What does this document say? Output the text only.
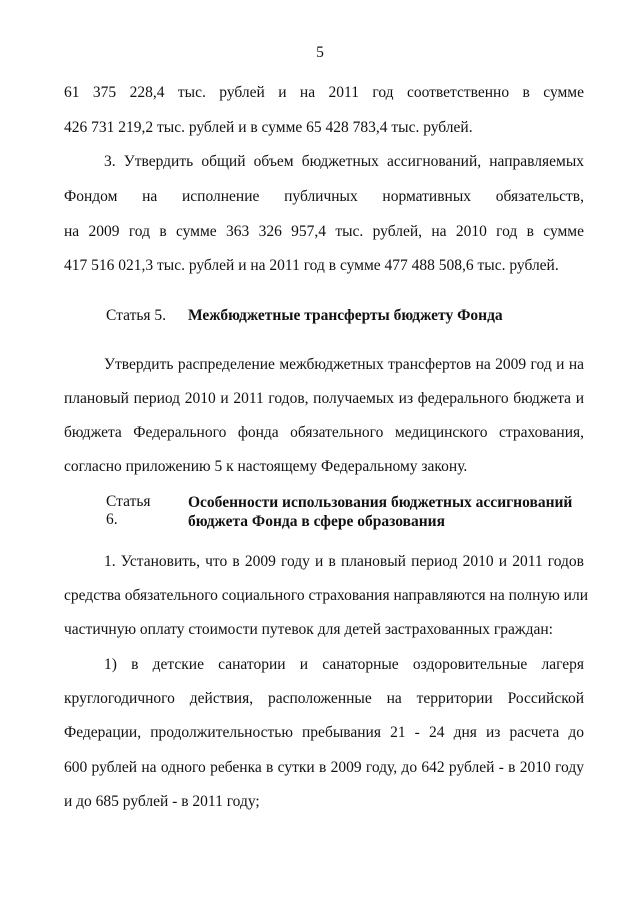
5
61 375 228,4 тыс. рублей и на 2011 год соответственно в сумме
426 731 219,2 тыс. рублей и в сумме 65 428 783,4 тыс. рублей.
3. Утвердить общий объем бюджетных ассигнований, направляемых
Фондом на исполнение публичных нормативных обязательств,
на 2009 год в сумме 363 326 957,4 тыс. рублей, на 2010 год в сумме
417 516 021,3 тыс. рублей и на 2011 год в сумме 477 488 508,6 тыс. рублей.
Статья 5. Межбюджетные трансферты бюджету Фонда
Утвердить распределение межбюджетных трансфертов на 2009 год и на
плановый период 2010 и 2011 годов, получаемых из федерального бюджета и
бюджета Федерального фонда обязательного медицинского страхования,
согласно приложению 5 к настоящему Федеральному закону.
Статья 6.
Особенности использования бюджетных ассигнований
бюджета Фонда в сфере образования
1. Установить, что в 2009 году и в плановый период 2010 и 2011 годов
средства обязательного социального страхования направляются на полную или
частичную оплату стоимости путевок для детей застрахованных граждан:
1) в детские санатории и санаторные оздоровительные лагеря
круглогодичного действия, расположенные на территории Российской
Федерации, продолжительностью пребывания 21 - 24 дня из расчета до
600 рублей на одного ребенка в сутки в 2009 году, до 642 рублей - в 2010 году
и до 685 рублей - в 2011 году;
